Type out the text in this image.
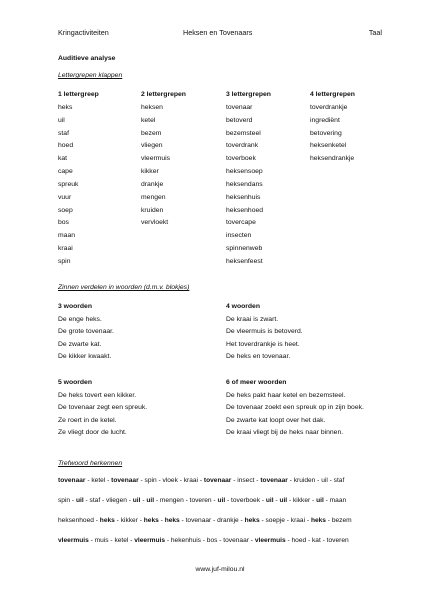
Kringactiviteiten	Heksen en Tovenaars	Taal
Auditieve analyse
Lettergrepen klappen
1 lettergreep
heks
uil
staf
hoed
kat
cape
spreuk
vuur
soep
bos
maan
kraai
spin
2 lettergrepen
heksen
ketel
bezem
vliegen
vleermuis
kikker
drankje
mengen
kruiden
vervloekt
3 lettergrepen
tovenaar
betoverd
bezemsteel
toverdrank
toverboek
heksensoep
heksendans
heksenhuis
heksenhoed
tovercape
insecten
spinnenweb
heksenfeest
4 lettergrepen
toverdrankje
ingrediënt
betovering
heksenketel
heksendrankje
Zinnen verdelen in woorden (d.m.v. blokjes)
3 woorden
De enge heks.
De grote tovenaar.
De zwarte kat.
De kikker kwaakt.
4 woorden
De kraai is zwart.
De vleermuis is betoverd.
Het toverdrankje is heet.
De heks en tovenaar.
5 woorden
De heks tovert een kikker.
De tovenaar zegt een spreuk.
Ze roert in de ketel.
Ze vliegt door de lucht.
6 of meer woorden
De heks pakt haar ketel en bezemsteel.
De tovenaar zoekt een spreuk op in zijn boek.
De zwarte kat loopt over het dak.
De kraai vliegt bij de heks naar binnen.
Trefwoord herkennen
tovenaar - ketel - tovenaar - spin - vloek - kraai - tovenaar - insect - tovenaar - kruiden - uil - staf
spin - uil - staf - vliegen - uil - uil - mengen - toveren - uil - toverboek - uil - uil - kikker - uil - maan
heksenhoed - heks - kikker - heks - heks - tovenaar - drankje - heks - soepje - kraai - heks - bezem
vleermuis - muis - ketel - vleermuis - hekenhuis - bos - tovenaar - vleermuis - hoed - kat - toveren
www.juf-milou.nl
